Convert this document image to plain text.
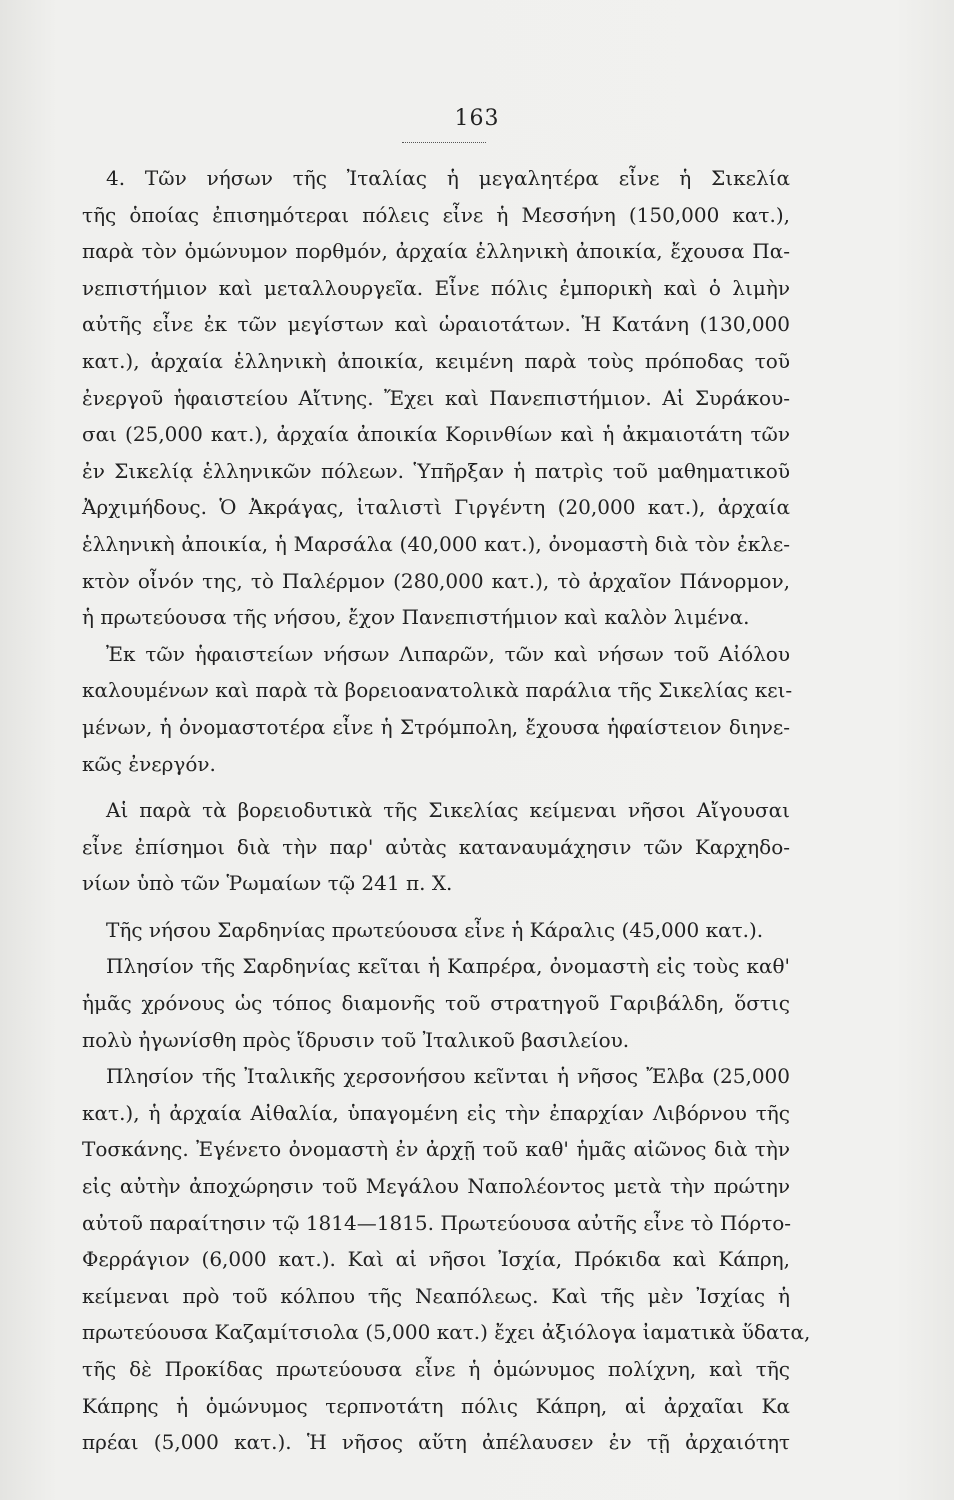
163
4. Τῶν νήσων τῆς Ἰταλίας ἡ μεγαλητέρα εἶνε ἡ Σικελία
τῆς ὁποίας ἐπισημότεραι πόλεις εἶνε ἡ Μεσσήνη (150,000 κατ.),
παρὰ τὸν ὁμώνυμον πορθμόν, ἀρχαία ἑλληνικὴ ἀποικία, ἔχουσα Πα-
νεπιστήμιον καὶ μεταλλουργεῖα. Εἶνε πόλις ἐμπορικὴ καὶ ὁ λιμὴν
αὐτῆς εἶνε ἐκ τῶν μεγίστων καὶ ὡραιοτάτων. Ἡ Κατάνη (130,000
κατ.), ἀρχαία ἑλληνικὴ ἀποικία, κειμένη παρὰ τοὺς πρόποδας τοῦ
ἐνεργοῦ ἡφαιστείου Αἴτνης. Ἔχει καὶ Πανεπιστήμιον. Αἱ Συράκου-
σαι (25,000 κατ.), ἀρχαία ἀποικία Κορινθίων καὶ ἡ ἀκμαιοτάτη τῶν
ἐν Σικελίᾳ ἑλληνικῶν πόλεων. Ὑπῆρξαν ἡ πατρὶς τοῦ μαθηματικοῦ
Ἀρχιμήδους. Ὁ Ἀκράγας, ἰταλιστὶ Γιργέντη (20,000 κατ.), ἀρχαία
ἑλληνικὴ ἀποικία, ἡ Μαρσάλα (40,000 κατ.), ὀνομαστὴ διὰ τὸν ἐκλε-
κτὸν οἶνόν της, τὸ Παλέρμον (280,000 κατ.), τὸ ἀρχαῖον Πάνορμον,
ἡ πρωτεύουσα τῆς νήσου, ἔχον Πανεπιστήμιον καὶ καλὸν λιμένα.
Ἐκ τῶν ἡφαιστείων νήσων Λιπαρῶν, τῶν καὶ νήσων τοῦ Αἰόλου
καλουμένων καὶ παρὰ τὰ βορειοανατολικὰ παράλια τῆς Σικελίας κει-
μένων, ἡ ὀνομαστοτέρα εἶνε ἡ Στρόμπολη, ἔχουσα ἡφαίστειον διηνε-
κῶς ἐνεργόν.
Αἱ παρὰ τὰ βορειοδυτικὰ τῆς Σικελίας κείμεναι νῆσοι Αἴγουσαι
εἶνε ἐπίσημοι διὰ τὴν παρ' αὐτὰς καταναυμάχησιν τῶν Καρχηδο-
νίων ὑπὸ τῶν Ῥωμαίων τῷ 241 π. Χ.
Τῆς νήσου Σαρδηνίας πρωτεύουσα εἶνε ἡ Κάραλις (45,000 κατ.).
Πλησίον τῆς Σαρδηνίας κεῖται ἡ Καπρέρα, ὀνομαστὴ εἰς τοὺς καθ'
ἡμᾶς χρόνους ὡς τόπος διαμονῆς τοῦ στρατηγοῦ Γαριβάλδη, ὅστις
πολὺ ἠγωνίσθη πρὸς ἵδρυσιν τοῦ Ἰταλικοῦ βασιλείου.
Πλησίον τῆς Ἰταλικῆς χερσονήσου κεῖνται ἡ νῆσος Ἔλβα (25,000
κατ.), ἡ ἀρχαία Αἰθαλία, ὑπαγομένη εἰς τὴν ἐπαρχίαν Λιβόρνου τῆς
Τοσκάνης. Ἐγένετο ὀνομαστὴ ἐν ἀρχῇ τοῦ καθ' ἡμᾶς αἰῶνος διὰ τὴν
εἰς αὐτὴν ἀποχώρησιν τοῦ Μεγάλου Ναπολέοντος μετὰ τὴν πρώτην
αὐτοῦ παραίτησιν τῷ 1814—1815. Πρωτεύουσα αὐτῆς εἶνε τὸ Πόρτο-
Φερράγιον (6,000 κατ.). Καὶ αἱ νῆσοι Ἰσχία, Πρόκιδα καὶ Κάπρη,
κείμεναι πρὸ τοῦ κόλπου τῆς Νεαπόλεως. Καὶ τῆς μὲν Ἰσχίας ἡ
πρωτεύουσα Καζαμίτσιολα (5,000 κατ.) ἔχει ἀξιόλογα ἰαματικὰ ὕδατα,
τῆς δὲ Προκίδας πρωτεύουσα εἶνε ἡ ὁμώνυμος πολίχνη, καὶ τῆς
Κάπρης ἡ ὁμώνυμος τερπνοτάτη πόλις Κάπρη, αἱ ἀρχαῖαι Κα
πρέαι (5,000 κατ.). Ἡ νῆσος αὕτη ἀπέλαυσεν ἐν τῇ ἀρχαιότητ
